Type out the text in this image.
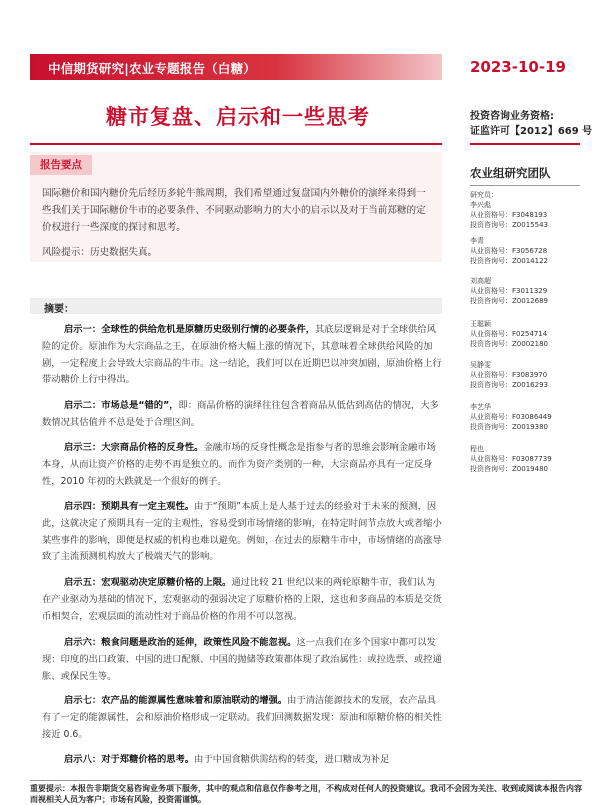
中信期货研究|农业专题报告（白糖）	2023-10-19
糖市复盘、启示和一些思考	投资咨询业务资格:
证监许可【2012】669 号
报告要点
国际糖价和国内糖价先后经历多轮牛熊周期，我们希望通过复盘国内外糖价的演绎来得到一些我们关于国际糖价牛市的必要条件、不同驱动影响力的大小的启示以及对于当前郑糖的定价权进行一些深度的探讨和思考。
风险提示：历史数据失真。
摘要：
启示一：全球性的供给危机是原糖历史级别行情的必要条件，其底层逻辑是对于全球供给风险的定价。原油作为大宗商品之王，在原油价格大幅上涨的情况下，其意味着全球供给风险的加剧，一定程度上会导致大宗商品的牛市。这一结论，我们可以在近期巴以冲突加剧，原油价格上行带动糖价上行中得出。
启示二：市场总是“错的”，即：商品价格的演绎往往包含着商品从低估到高估的情况，大多数情况其估值并不总是处于合理区间。
启示三：大宗商品价格的反身性。金融市场的反身性概念是指参与者的思维会影响金融市场本身，从而让资产价格的走势不再是独立的。而作为资产类别的一种，大宗商品亦具有一定反身性，2010 年初的大跌就是一个很好的例子。
启示四：预期具有一定主观性。由于“预期”本质上是人基于过去的经验对于未来的预测，因此，这就决定了预期具有一定的主观性，容易受到市场情绪的影响，在特定时间节点放大或者缩小某些事件的影响，即便是权威的机构也难以避免。例如，在过去的原糖牛市中，市场情绪的高涨导致了主流预测机构放大了极端天气的影响。
启示五：宏观驱动决定原糖价格的上限。通过比较 21 世纪以来的两轮原糖牛市，我们认为在产业驱动为基础的情况下，宏观驱动的强弱决定了原糖价格的上限，这也和多商品的本质是交货币相契合，宏观层面的流动性对于商品价格的作用不可以忽视。
启示六：粮食问题是政治的延伸，政策性风险不能忽视。这一点我们在多个国家中都可以发现：印度的出口政策、中国的进口配额、中国的抛储等政策都体现了政治属性：或拉选票、或控通胀、或保民生等。
启示七：农产品的能源属性意味着和原油联动的增强。由于清洁能源技术的发展，农产品具有了一定的能源属性，会和原油价格形成一定联动。我们回测数据发现：原油和原糖价格的相关性接近 0.6。
启示八：对于郑糖价格的思考。由于中国食糖供需结构的转变，进口糖成为补足
农业组研究团队
研究员：
李兴彪
从业资格号：F3048193
投资咨询号：Z0015543
李青
从业资格号：F3056728
投资咨询号：Z0014122
刘高超
从业资格号：F3011329
投资咨询号：Z0012689
王聪颖
从业资格号：F0254714
投资咨询号：Z0002180
吴静雯
从业资格号：F3083970
投资咨询号：Z0016293
李艺华
从业资格号：F03086449
投资咨询号：Z0019380
程也
从业资格号：F03087739
投资咨询号：Z0019480
重要提示：本报告非期货交易咨询业务项下服务，其中的观点和信息仅作参考之用，不构成对任何人的投资建议。我司不会因为关注、收到或阅读本报告内容而视相关人员为客户；市场有风险，投资需谨慎。
